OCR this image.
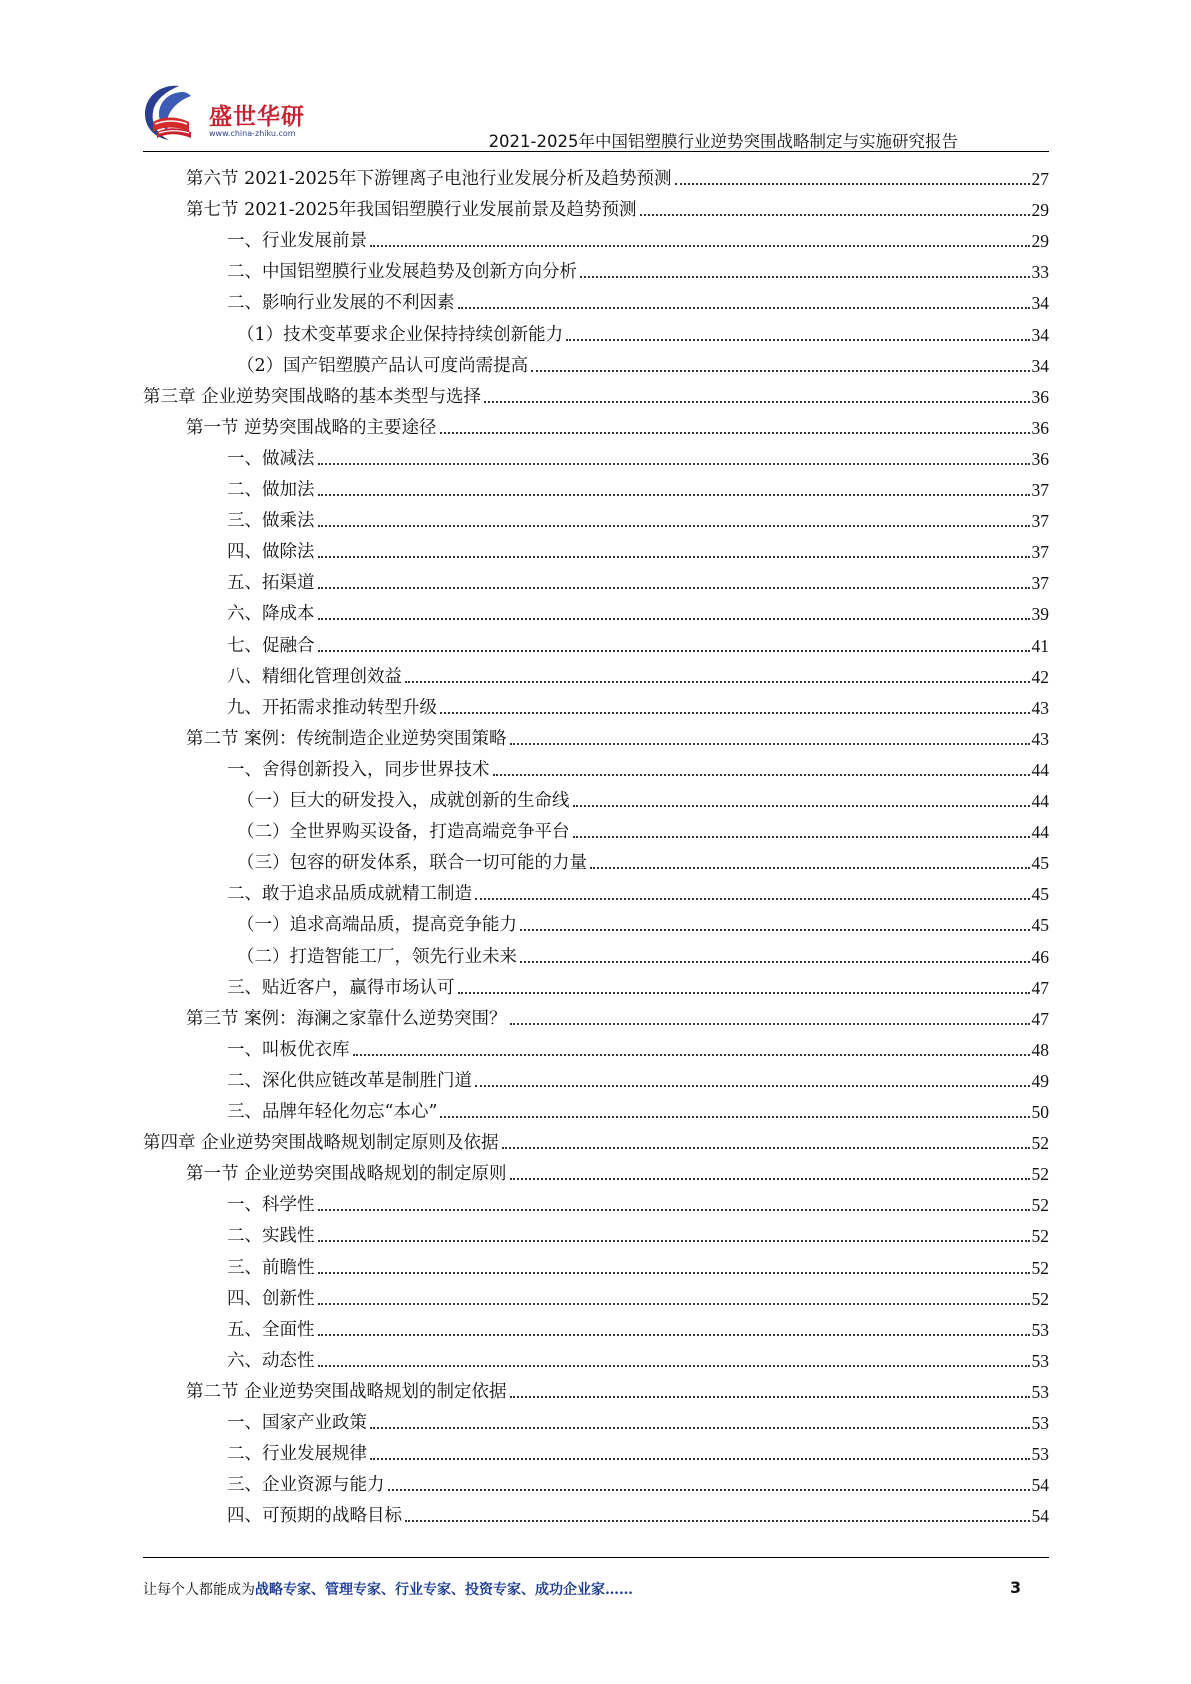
盛世华研
www.china-zhiku.com	2021-2025年中国铝塑膜行业逆势突围战略制定与实施研究报告
第六节 2021-2025年下游锂离子电池行业发展分析及趋势预测	27
第七节 2021-2025年我国铝塑膜行业发展前景及趋势预测	29
一、行业发展前景	29
二、中国铝塑膜行业发展趋势及创新方向分析	33
二、影响行业发展的不利因素	34
（1）技术变革要求企业保持持续创新能力	34
（2）国产铝塑膜产品认可度尚需提高	34
第三章 企业逆势突围战略的基本类型与选择	36
第一节 逆势突围战略的主要途径	36
一、做减法	36
二、做加法	37
三、做乘法	37
四、做除法	37
五、拓渠道	37
六、降成本	39
七、促融合	41
八、精细化管理创效益	42
九、开拓需求推动转型升级	43
第二节 案例：传统制造企业逆势突围策略	43
一、舍得创新投入，同步世界技术	44
（一）巨大的研发投入，成就创新的生命线	44
（二）全世界购买设备，打造高端竞争平台	44
（三）包容的研发体系，联合一切可能的力量	45
二、敢于追求品质成就精工制造	45
（一）追求高端品质，提高竞争能力	45
（二）打造智能工厂，领先行业未来	46
三、贴近客户，赢得市场认可	47
第三节 案例：海澜之家靠什么逆势突围？	47
一、叫板优衣库	48
二、深化供应链改革是制胜门道	49
三、品牌年轻化勿忘“本心”	50
第四章 企业逆势突围战略规划制定原则及依据	52
第一节 企业逆势突围战略规划的制定原则	52
一、科学性	52
二、实践性	52
三、前瞻性	52
四、创新性	52
五、全面性	53
六、动态性	53
第二节 企业逆势突围战略规划的制定依据	53
一、国家产业政策	53
二、行业发展规律	53
三、企业资源与能力	54
四、可预期的战略目标	54
让每个人都能成为战略专家、管理专家、行业专家、投资专家、成功企业家……	3
